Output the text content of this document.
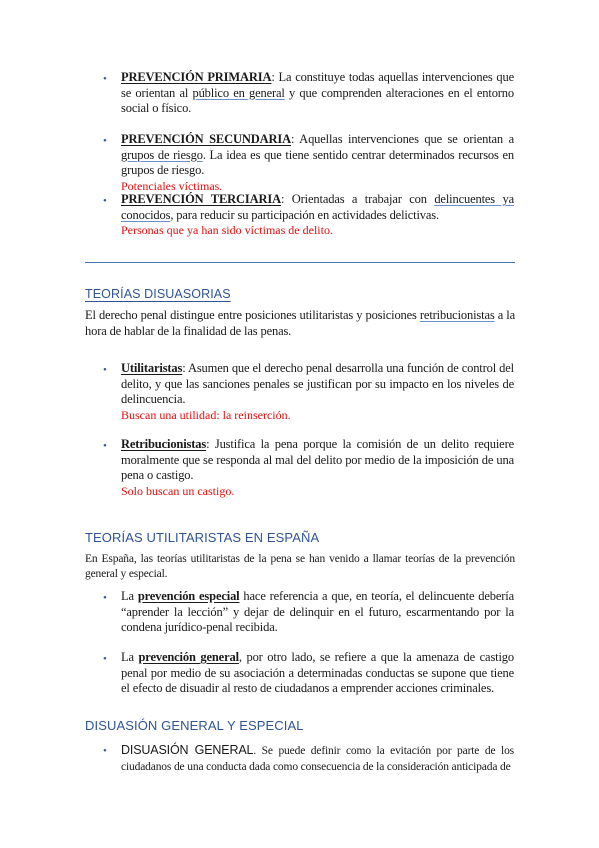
• PREVENCIÓN PRIMARIA: La constituye todas aquellas intervenciones que se orientan al público en general y que comprenden alteraciones en el entorno social o físico.
• PREVENCIÓN SECUNDARIA: Aquellas intervenciones que se orientan a grupos de riesgo. La idea es que tiene sentido centrar determinados recursos en grupos de riesgo.
Potenciales víctimas.
• PREVENCIÓN TERCIARIA: Orientadas a trabajar con delincuentes ya conocidos, para reducir su participación en actividades delictivas.
Personas que ya han sido víctimas de delito.
TEORÍAS DISUASORIAS
El derecho penal distingue entre posiciones utilitaristas y posiciones retribucionistas a la hora de hablar de la finalidad de las penas.
• Utilitaristas: Asumen que el derecho penal desarrolla una función de control del delito, y que las sanciones penales se justifican por su impacto en los niveles de delincuencia.
Buscan una utilidad: la reinserción.
• Retribucionistas: Justifica la pena porque la comisión de un delito requiere moralmente que se responda al mal del delito por medio de la imposición de una pena o castigo.
Solo buscan un castigo.
TEORÍAS UTILITARISTAS EN ESPAÑA
En España, las teorías utilitaristas de la pena se han venido a llamar teorías de la prevención general y especial.
• La prevención especial hace referencia a que, en teoría, el delincuente debería “aprender la lección” y dejar de delinquir en el futuro, escarmentando por la condena jurídico-penal recibida.
• La prevención general, por otro lado, se refiere a que la amenaza de castigo penal por medio de su asociación a determinadas conductas se supone que tiene el efecto de disuadir al resto de ciudadanos a emprender acciones criminales.
DISUASIÓN GENERAL Y ESPECIAL
• DISUASIÓN GENERAL. Se puede definir como la evitación por parte de los ciudadanos de una conducta dada como consecuencia de la consideración anticipada de
